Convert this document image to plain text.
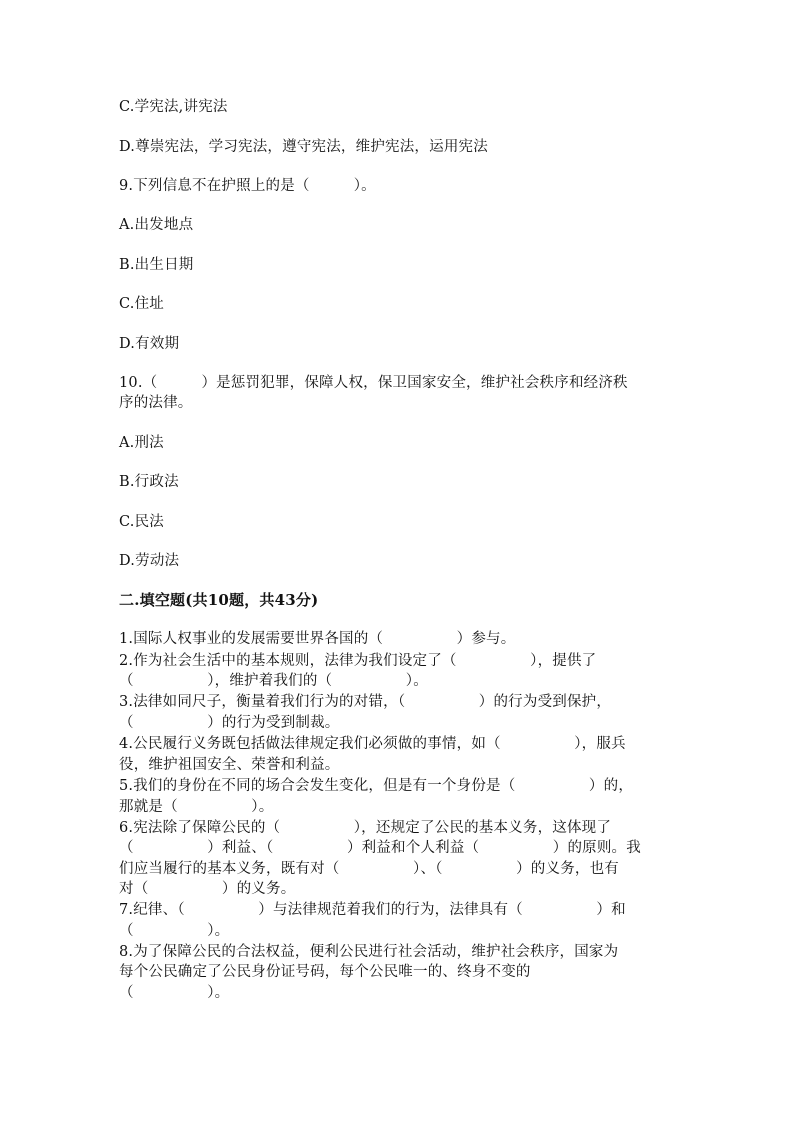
C.学宪法,讲宪法
D.尊崇宪法，学习宪法，遵守宪法，维护宪法，运用宪法
9.下列信息不在护照上的是（　　　）。
A.出发地点
B.出生日期
C.住址
D.有效期
10.（　　　）是惩罚犯罪，保障人权，保卫国家安全，维护社会秩序和经济秩
序的法律。
A.刑法
B.行政法
C.民法
D.劳动法
二.填空题(共10题，共43分)
1.国际人权事业的发展需要世界各国的（　　　　　）参与。
2.作为社会生活中的基本规则，法律为我们设定了（　　　　　），提供了
（　　　　　），维护着我们的（　　　　　）。
3.法律如同尺子，衡量着我们行为的对错，（　　　　　）的行为受到保护，
（　　　　　）的行为受到制裁。
4.公民履行义务既包括做法律规定我们必须做的事情，如（　　　　　），服兵
役，维护祖国安全、荣誉和利益。
5.我们的身份在不同的场合会发生变化，但是有一个身份是（　　　　　）的，
那就是（　　　　　）。
6.宪法除了保障公民的（　　　　　），还规定了公民的基本义务，这体现了
（　　　　　）利益、（　　　　　）利益和个人利益（　　　　　）的原则。我
们应当履行的基本义务，既有对（　　　　　）、（　　　　　）的义务，也有
对（　　　　　）的义务。
7.纪律、（　　　　　）与法律规范着我们的行为，法律具有（　　　　　）和
（　　　　　）。
8.为了保障公民的合法权益，便利公民进行社会活动，维护社会秩序，国家为
每个公民确定了公民身份证号码，每个公民唯一的、终身不变的
（　　　　　）。
